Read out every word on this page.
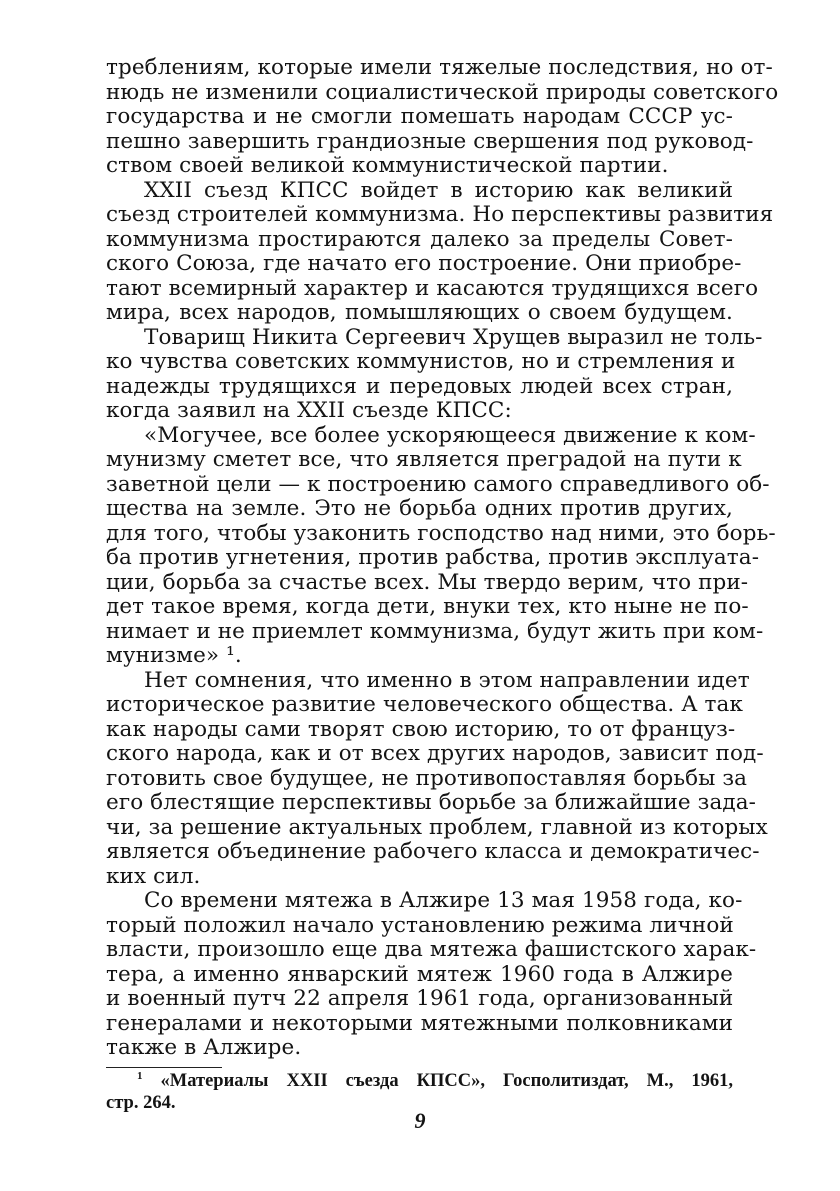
треблениям, которые имели тяжелые последствия, но от-
нюдь не изменили социалистической природы советского
государства и не смогли помешать народам СССР ус-
пешно завершить грандиозные свершения под руковод-
ством своей великой коммунистической партии.
XXII съезд КПСС войдет в историю как великий
съезд строителей коммунизма. Но перспективы развития
коммунизма простираются далеко за пределы Совет-
ского Союза, где начато его построение. Они приобре-
тают всемирный характер и касаются трудящихся всего
мира, всех народов, помышляющих о своем будущем.
Товарищ Никита Сергеевич Хрущев выразил не толь-
ко чувства советских коммунистов, но и стремления и
надежды трудящихся и передовых людей всех стран,
когда заявил на XXII съезде КПСС:
«Могучее, все более ускоряющееся движение к ком-
мунизму сметет все, что является преградой на пути к
заветной цели — к построению самого справедливого об-
щества на земле. Это не борьба одних против других,
для того, чтобы узаконить господство над ними, это борь-
ба против угнетения, против рабства, против эксплуата-
ции, борьба за счастье всех. Мы твердо верим, что при-
дет такое время, когда дети, внуки тех, кто ныне не по-
нимает и не приемлет коммунизма, будут жить при ком-
мунизме» ¹.
Нет сомнения, что именно в этом направлении идет
историческое развитие человеческого общества. А так
как народы сами творят свою историю, то от француз-
ского народа, как и от всех других народов, зависит под-
готовить свое будущее, не противопоставляя борьбы за
его блестящие перспективы борьбе за ближайшие зада-
чи, за решение актуальных проблем, главной из которых
является объединение рабочего класса и демократичес-
ких сил.
Со времени мятежа в Алжире 13 мая 1958 года, ко-
торый положил начало установлению режима личной
власти, произошло еще два мятежа фашистского харак-
тера, а именно январский мятеж 1960 года в Алжире
и военный путч 22 апреля 1961 года, организованный
генералами и некоторыми мятежными полковниками
также в Алжире.
$^1$ «Материалы XXII съезда КПСС», Госполитиздат, М., 1961,
стр. 264.
9
